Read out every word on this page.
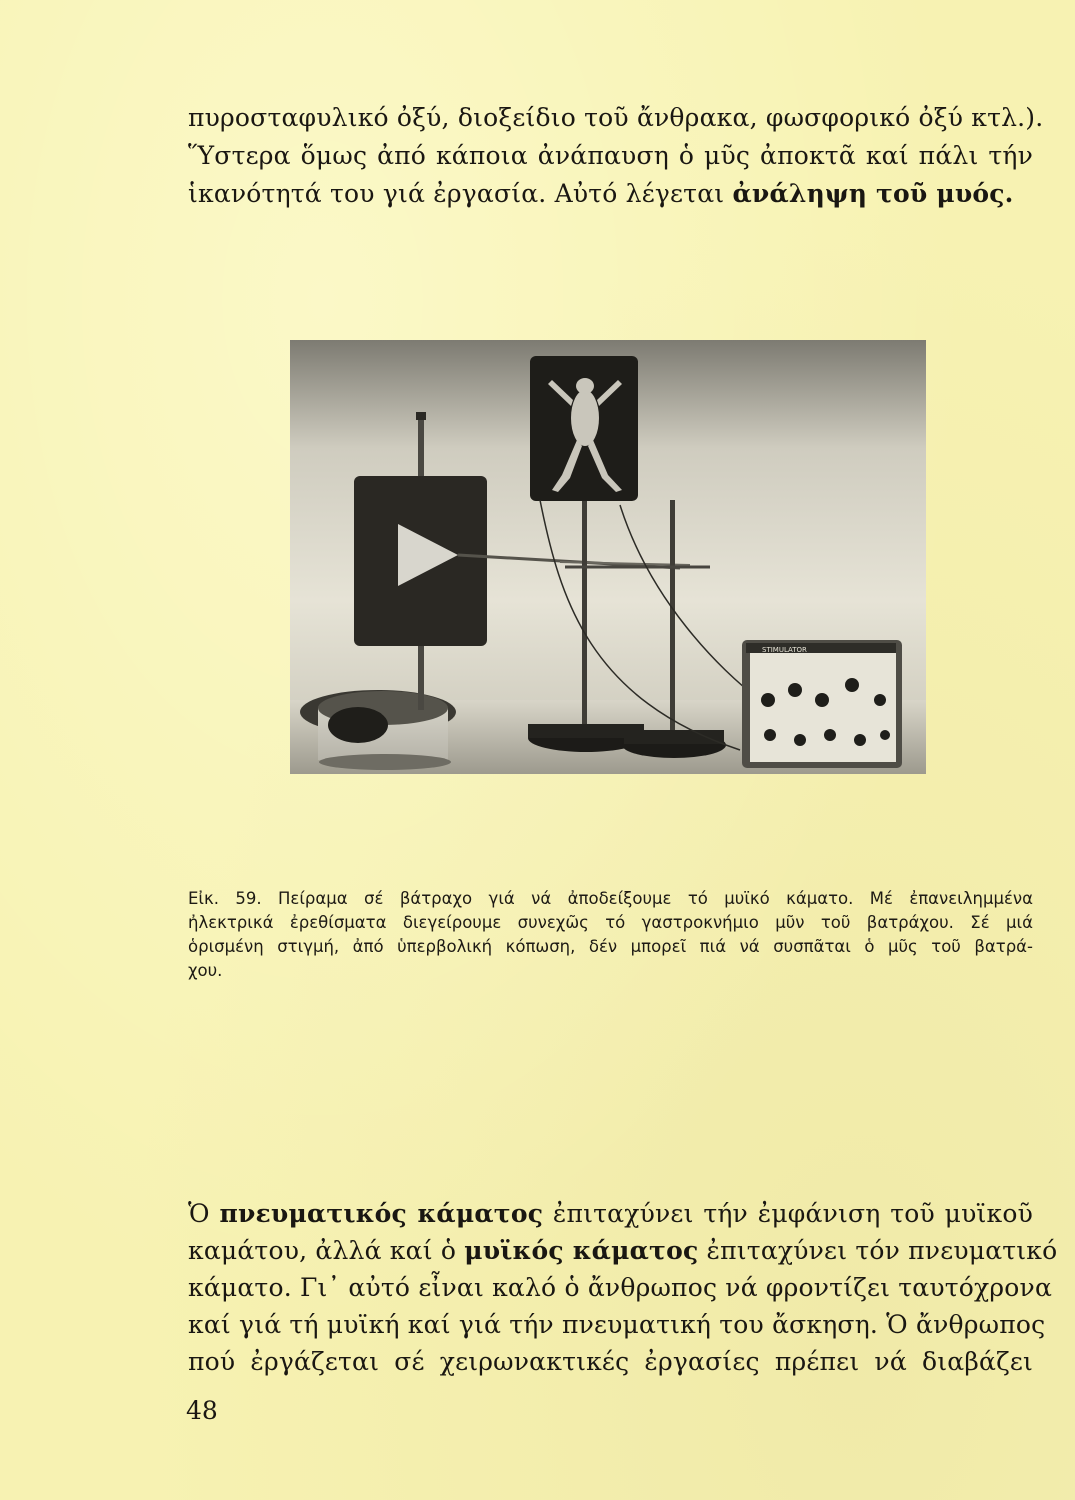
πυροσταφυλικό ὀξύ, διοξείδιο τοῦ ἄνθρακα, φωσφορικό ὀξύ κτλ.).
Ὕστερα ὅμως ἀπό κάποια ἀνάπαυση ὁ μῦς ἀποκτᾶ καί πάλι τήν
ἱκανότητά του γιά ἐργασία. Αὐτό λέγεται ἀνάληψη τοῦ μυός.
STIMULATOR
Εἰκ. 59. Πείραμα σέ βάτραχο γιά νά ἀποδείξουμε τό μυϊκό κάματο. Μέ ἐπανειλημμένα
ἠλεκτρικά ἐρεθίσματα διεγείρουμε συνεχῶς τό γαστροκνήμιο μῦν τοῦ βατράχου. Σέ μιά
ὁρισμένη στιγμή, ἀπό ὑπερβολική κόπωση, δέν μπορεῖ πιά νά συσπᾶται ὁ μῦς τοῦ βατρά-
χου.
Ὁ πνευματικός κάματος ἐπιταχύνει τήν ἐμφάνιση τοῦ μυϊκοῦ
καμάτου, ἀλλά καί ὁ μυϊκός κάματος ἐπιταχύνει τόν πνευματικό
κάματο. Γι᾽ αὐτό εἶναι καλό ὁ ἄνθρωπος νά φροντίζει ταυτόχρονα
καί γιά τή μυϊκή καί γιά τήν πνευματική του ἄσκηση. Ὁ ἄνθρωπος
πού ἐργάζεται σέ χειρωνακτικές ἐργασίες πρέπει νά διαβάζει
48
